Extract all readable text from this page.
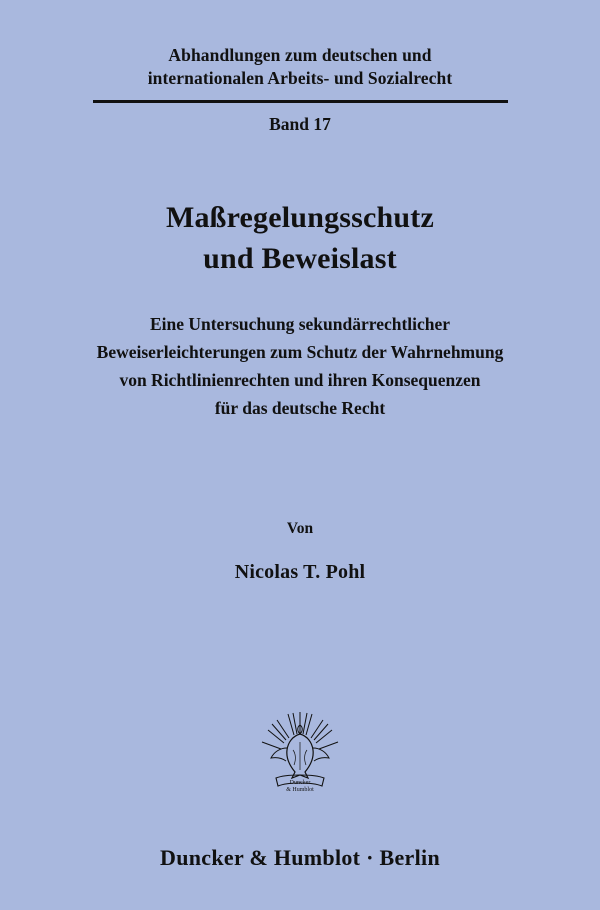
Abhandlungen zum deutschen und
internationalen Arbeits- und Sozialrecht
Band 17
Maßregelungsschutz
und Beweislast
Eine Untersuchung sekundärrechtlicher
Beweiserleichterungen zum Schutz der Wahrnehmung
von Richtlinienrechten und ihren Konsequenzen
für das deutsche Recht
Von
Nicolas T. Pohl
Duncker
& Humblot
Duncker & Humblot · Berlin
